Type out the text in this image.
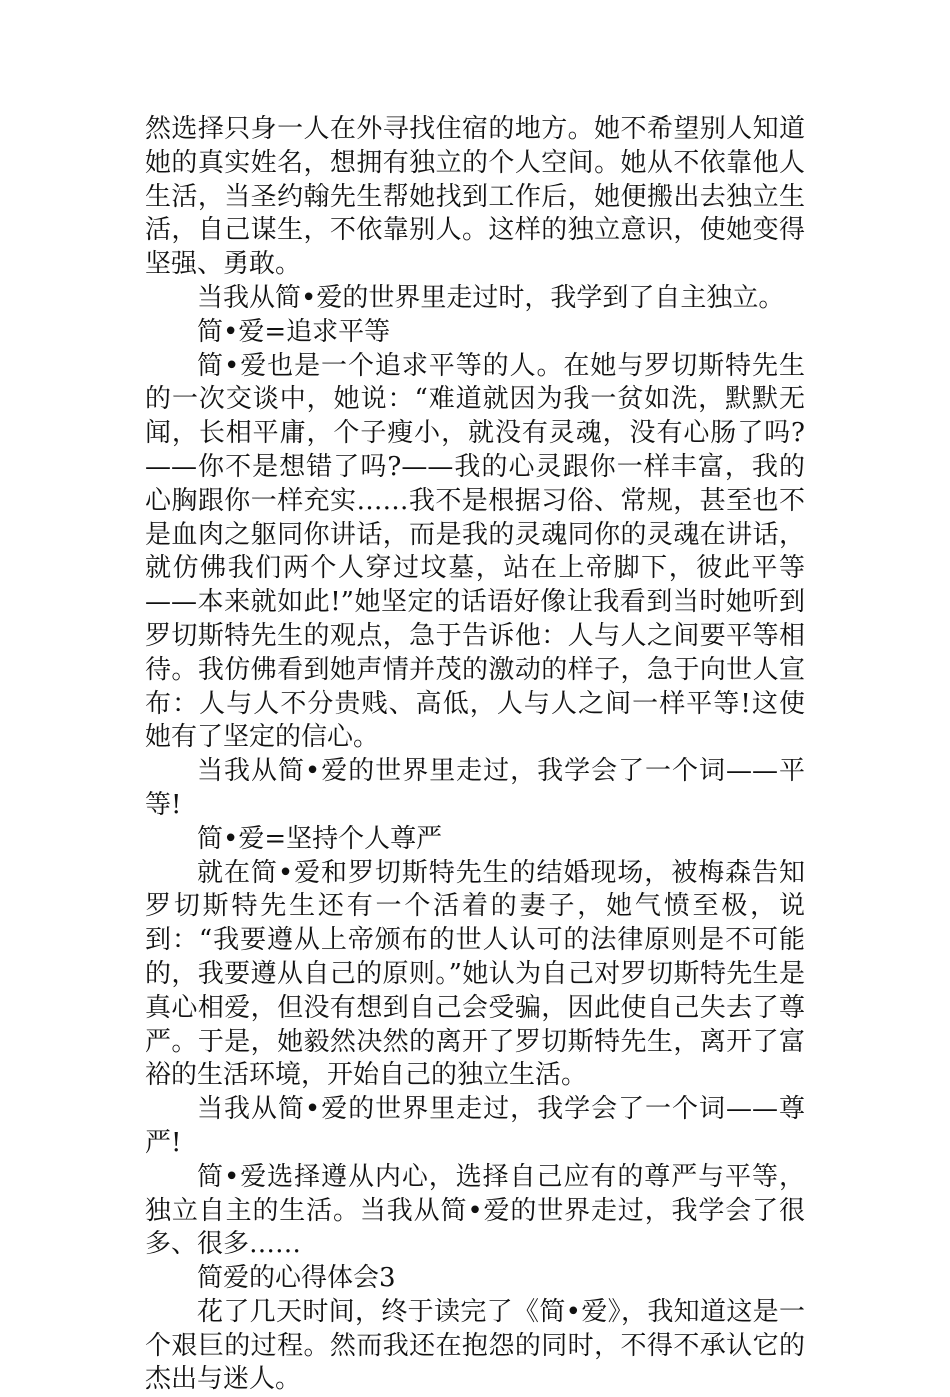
然选择只身一人在外寻找住宿的地方。她不希望别人知道她的真实姓名，想拥有独立的个人空间。她从不依靠他人生活，当圣约翰先生帮她找到工作后，她便搬出去独立生活，自己谋生，不依靠别人。这样的独立意识，使她变得坚强、勇敢。

当我从简•爱的世界里走过时，我学到了自主独立。

简•爱=追求平等

简•爱也是一个追求平等的人。在她与罗切斯特先生的一次交谈中，她说：“难道就因为我一贫如洗，默默无闻，长相平庸，个子瘦小，就没有灵魂，没有心肠了吗?——你不是想错了吗?——我的心灵跟你一样丰富，我的心胸跟你一样充实……我不是根据习俗、常规，甚至也不是血肉之躯同你讲话，而是我的灵魂同你的灵魂在讲话，就仿佛我们两个人穿过坟墓，站在上帝脚下，彼此平等——本来就如此!”她坚定的话语好像让我看到当时她听到罗切斯特先生的观点，急于告诉他：人与人之间要平等相待。我仿佛看到她声情并茂的激动的样子，急于向世人宣布：人与人不分贵贱、高低，人与人之间一样平等!这使她有了坚定的信心。

当我从简•爱的世界里走过，我学会了一个词——平等!

简•爱=坚持个人尊严

就在简•爱和罗切斯特先生的结婚现场，被梅森告知罗切斯特先生还有一个活着的妻子，她气愤至极，说到：“我要遵从上帝颁布的世人认可的法律原则是不可能的，我要遵从自己的原则。”她认为自己对罗切斯特先生是真心相爱，但没有想到自己会受骗，因此使自己失去了尊严。于是，她毅然决然的离开了罗切斯特先生，离开了富裕的生活环境，开始自己的独立生活。

当我从简•爱的世界里走过，我学会了一个词——尊严!

简•爱选择遵从内心，选择自己应有的尊严与平等，独立自主的生活。当我从简•爱的世界走过，我学会了很多、很多……

简爱的心得体会3

花了几天时间，终于读完了《简•爱》，我知道这是一个艰巨的过程。然而我还在抱怨的同时，不得不承认它的杰出与迷人。
